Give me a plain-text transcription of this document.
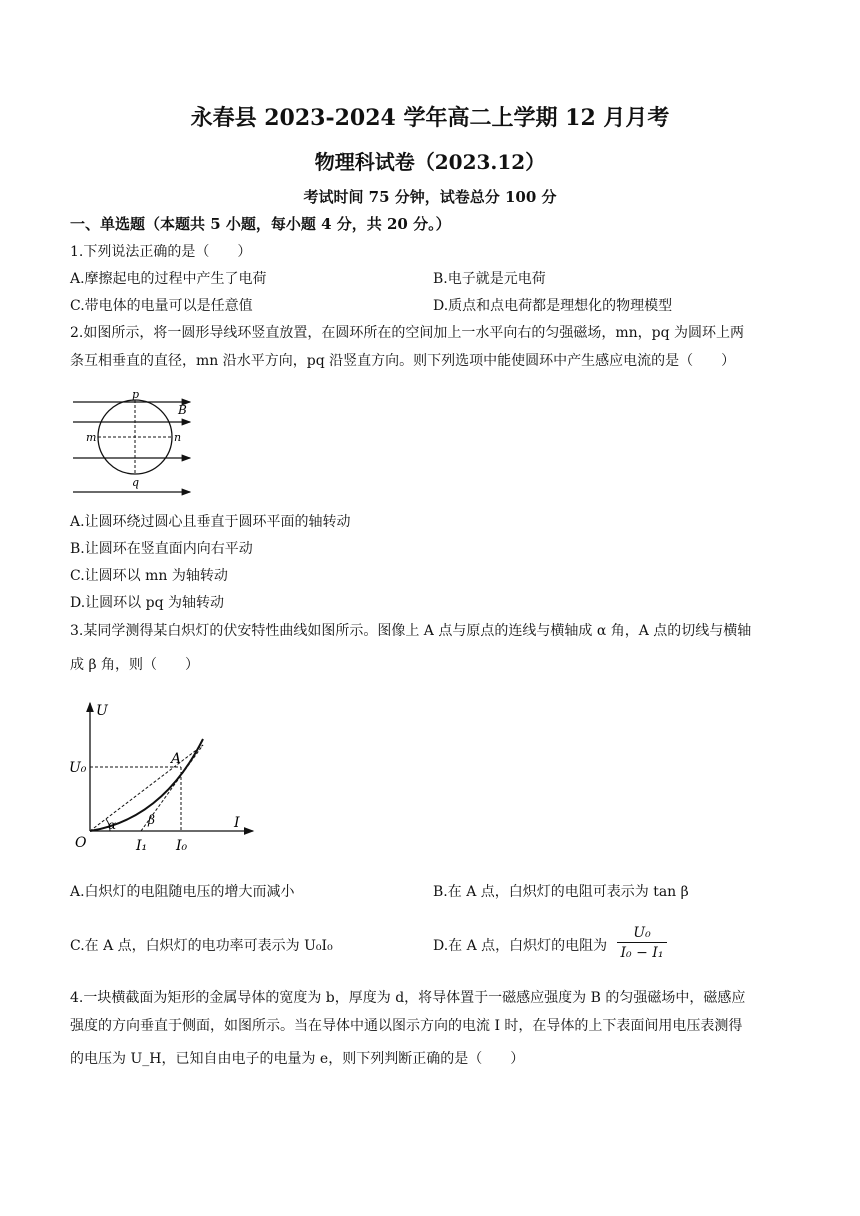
永春县 2023-2024 学年高二上学期 12 月月考
物理科试卷（2023.12）
考试时间 75 分钟，试卷总分 100 分
一、单选题（本题共 5 小题，每小题 4 分，共 20 分。）
1.下列说法正确的是（　　）
A.摩擦起电的过程中产生了电荷	B.电子就是元电荷
C.带电体的电量可以是任意值	D.质点和点电荷都是理想化的物理模型
2.如图所示，将一圆形导线环竖直放置，在圆环所在的空间加上一水平向右的匀强磁场，mn，pq 为圆环上两
条互相垂直的直径，mn 沿水平方向，pq 沿竖直方向。则下列选项中能使圆环中产生感应电流的是（　　）
p
q
m	n
B
A.让圆环绕过圆心且垂直于圆环平面的轴转动
B.让圆环在竖直面内向右平动
C.让圆环以 mn 为轴转动
D.让圆环以 pq 为轴转动
3.某同学测得某白炽灯的伏安特性曲线如图所示。图像上 A 点与原点的连线与横轴成 α 角，A 点的切线与横轴
成 β 角，则（　　）
U
I
O
A
U₀
I₀
I₁
α	β
A.白炽灯的电阻随电压的增大而减小	B.在 A 点，白炽灯的电阻可表示为 tan β
C.在 A 点，白炽灯的电功率可表示为 U₀I₀	D.在 A 点，白炽灯的电阻为 $\frac{\text{U₀}}{\text{I₀ − I₁}}$
4.一块横截面为矩形的金属导体的宽度为 b，厚度为 d，将导体置于一磁感应强度为 B 的匀强磁场中，磁感应
强度的方向垂直于侧面，如图所示。当在导体中通以图示方向的电流 I 时，在导体的上下表面间用电压表测得
的电压为 U_H，已知自由电子的电量为 e，则下列判断正确的是（　　）
